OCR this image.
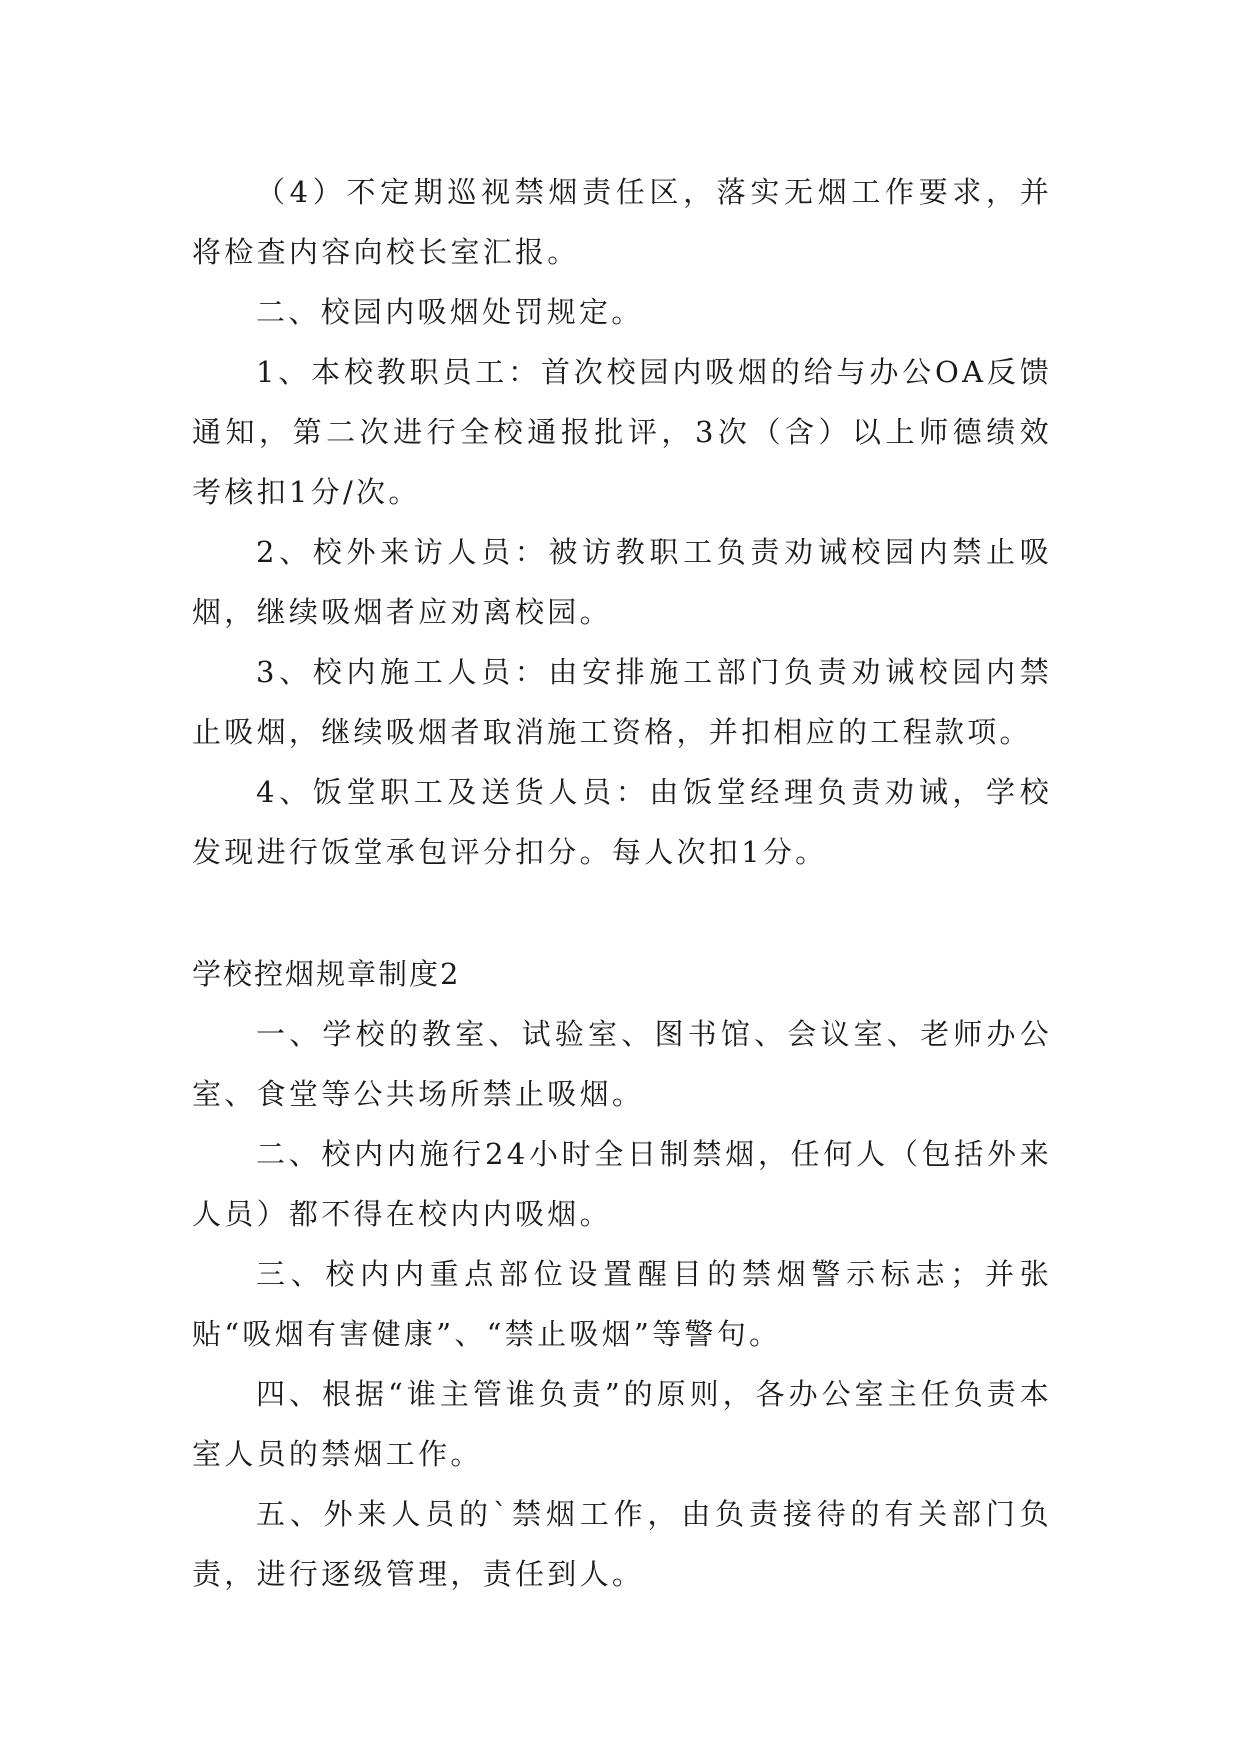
（4）不定期巡视禁烟责任区，落实无烟工作要求，并将检查内容向校长室汇报。

二、校园内吸烟处罚规定。

1、本校教职员工：首次校园内吸烟的给与办公OA反馈通知，第二次进行全校通报批评，3次（含）以上师德绩效考核扣1分/次。

2、校外来访人员：被访教职工负责劝诫校园内禁止吸烟，继续吸烟者应劝离校园。

3、校内施工人员：由安排施工部门负责劝诫校园内禁止吸烟，继续吸烟者取消施工资格，并扣相应的工程款项。

4、饭堂职工及送货人员：由饭堂经理负责劝诫，学校发现进行饭堂承包评分扣分。每人次扣1分。

学校控烟规章制度2

一、学校的教室、试验室、图书馆、会议室、老师办公室、食堂等公共场所禁止吸烟。

二、校内内施行24小时全日制禁烟，任何人（包括外来人员）都不得在校内内吸烟。

三、校内内重点部位设置醒目的禁烟警示标志；并张贴“吸烟有害健康”、“禁止吸烟”等警句。

四、根据“谁主管谁负责”的原则，各办公室主任负责本室人员的禁烟工作。

五、外来人员的`禁烟工作，由负责接待的有关部门负责，进行逐级管理，责任到人。
